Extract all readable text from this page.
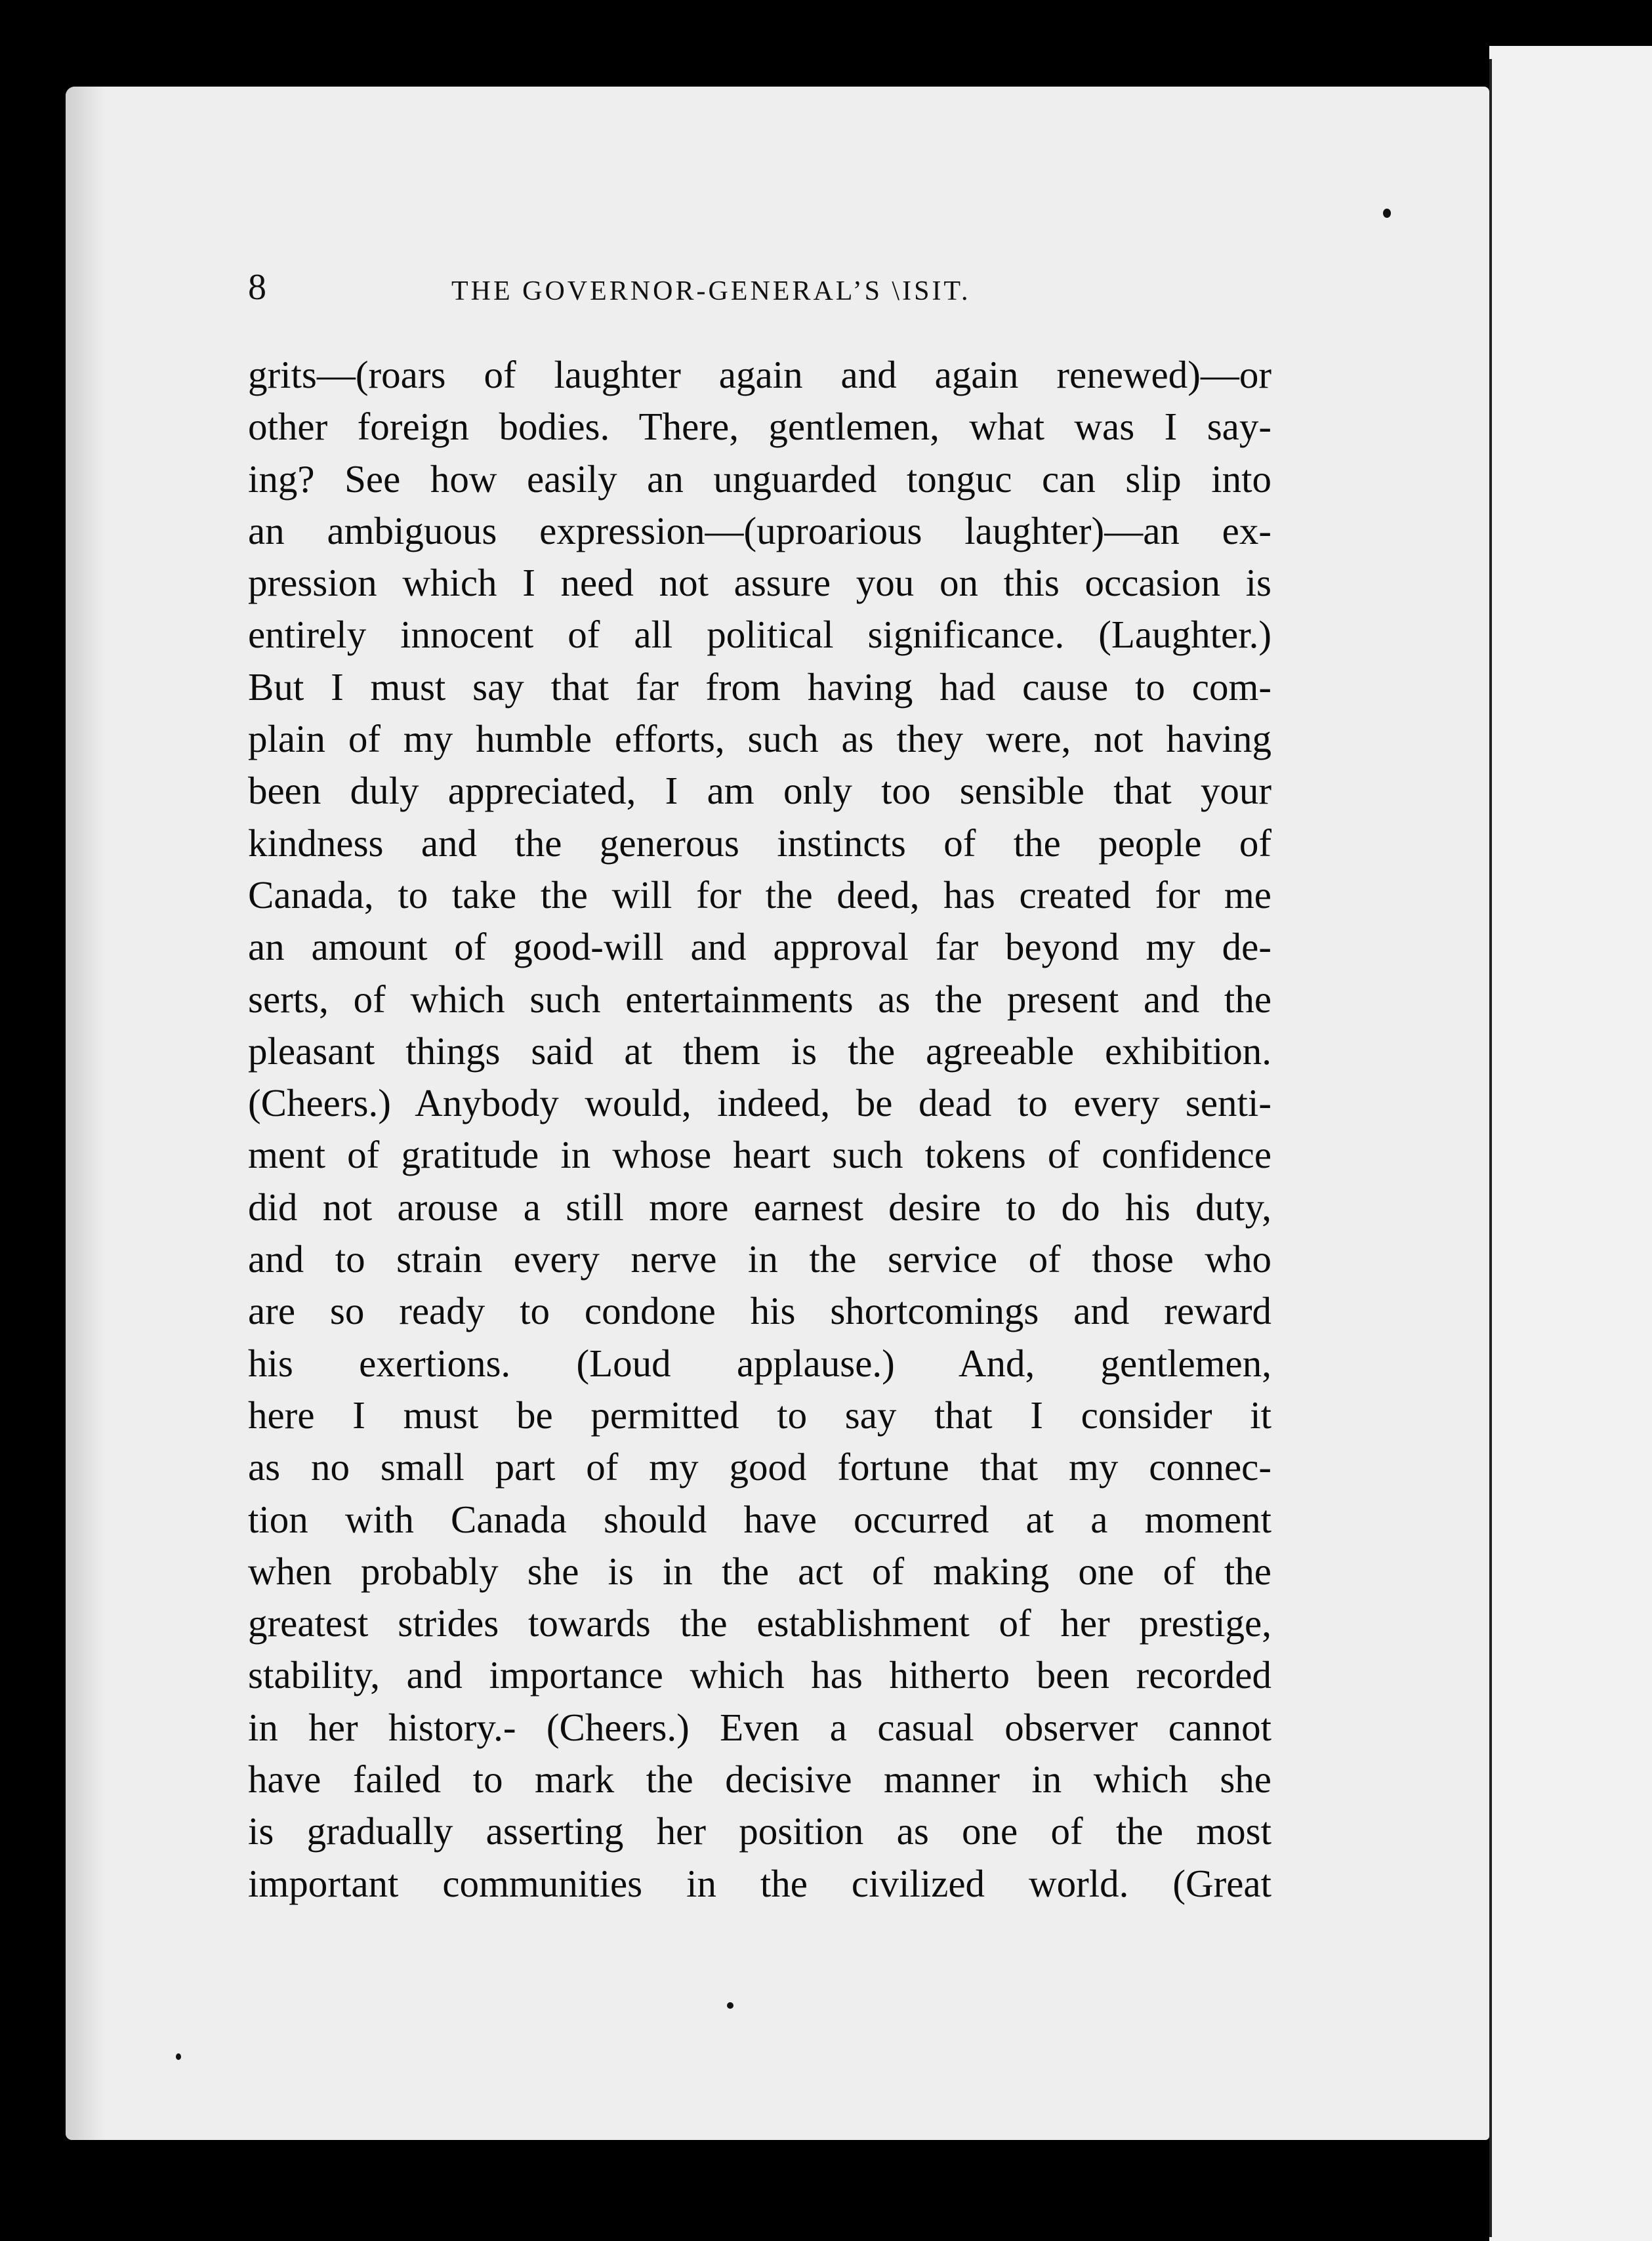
8	THE GOVERNOR-GENERAL’S \ISIT.
grits—(roars of laughter again and again renewed)—or
other foreign bodies. There, gentlemen, what was I say-
ing? See how easily an unguarded tonguc can slip into
an ambiguous expression—(uproarious laughter)—an ex-
pression which I need not assure you on this occasion is
entirely innocent of all political significance. (Laughter.)
But I must say that far from having had cause to com-
plain of my humble efforts, such as they were, not having
been duly appreciated, I am only too sensible that your
kindness and the generous instincts of the people of
Canada, to take the will for the deed, has created for me
an amount of good-will and approval far beyond my de-
serts, of which such entertainments as the present and the
pleasant things said at them is the agreeable exhibition.
(Cheers.) Anybody would, indeed, be dead to every senti-
ment of gratitude in whose heart such tokens of confidence
did not arouse a still more earnest desire to do his duty,
and to strain every nerve in the service of those who
are so ready to condone his shortcomings and reward
his exertions. (Loud applause.) And, gentlemen,
here I must be permitted to say that I consider it
as no small part of my good fortune that my connec-
tion with Canada should have occurred at a moment
when probably she is in the act of making one of the
greatest strides towards the establishment of her prestige,
stability, and importance which has hitherto been recorded
in her history.- (Cheers.) Even a casual observer cannot
have failed to mark the decisive manner in which she
is gradually asserting her position as one of the most
important communities in the civilized world. (Great
